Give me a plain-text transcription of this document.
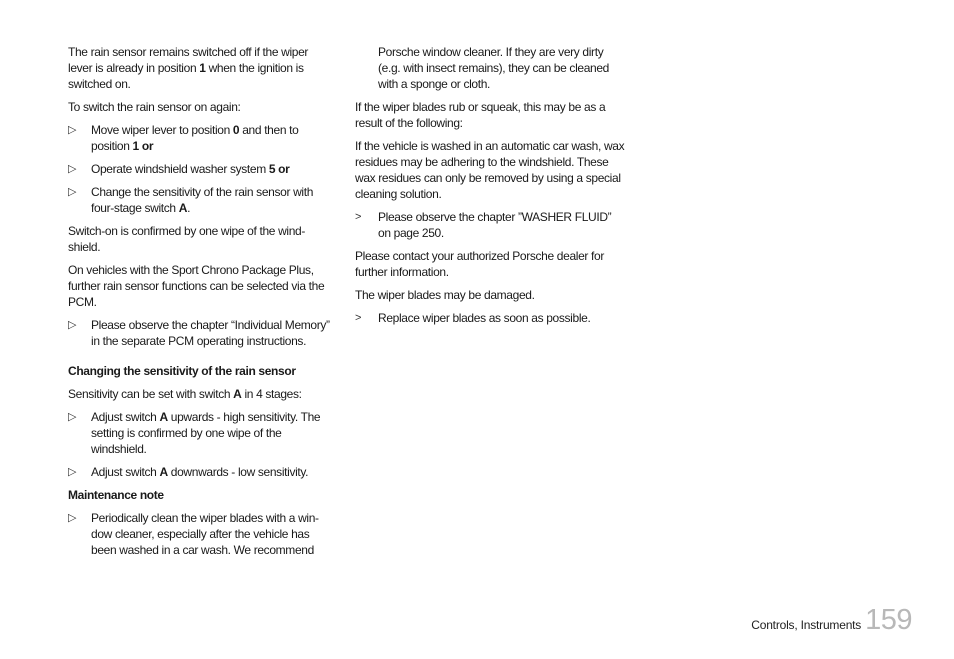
The rain sensor remains switched off if the wiper lever is already in position 1 when the ignition is switched on.

To switch the rain sensor on again:

▷ Move wiper lever to position 0 and then to position 1 or
▷ Operate windshield washer system 5 or
▷ Change the sensitivity of the rain sensor with four-stage switch A.

Switch-on is confirmed by one wipe of the wind-shield.

On vehicles with the Sport Chrono Package Plus, further rain sensor functions can be selected via the PCM.

▷ Please observe the chapter “Individual Memory” in the separate PCM operating instructions.

Changing the sensitivity of the rain sensor

Sensitivity can be set with switch A in 4 stages:

▷ Adjust switch A upwards - high sensitivity. The setting is confirmed by one wipe of the windshield.
▷ Adjust switch A downwards - low sensitivity.

Maintenance note

▷ Periodically clean the wiper blades with a win-dow cleaner, especially after the vehicle has been washed in a car wash. We recommend

Porsche window cleaner. If they are very dirty (e.g. with insect remains), they can be cleaned with a sponge or cloth.

If the wiper blades rub or squeak, this may be as a result of the following:

If the vehicle is washed in an automatic car wash, wax residues may be adhering to the windshield. These wax residues can only be removed by using a special cleaning solution.

> Please observe the chapter ”WASHER FLUID” on page 250.

Please contact your authorized Porsche dealer for further information.

The wiper blades may be damaged.

> Replace wiper blades as soon as possible.
Controls, Instruments 159
